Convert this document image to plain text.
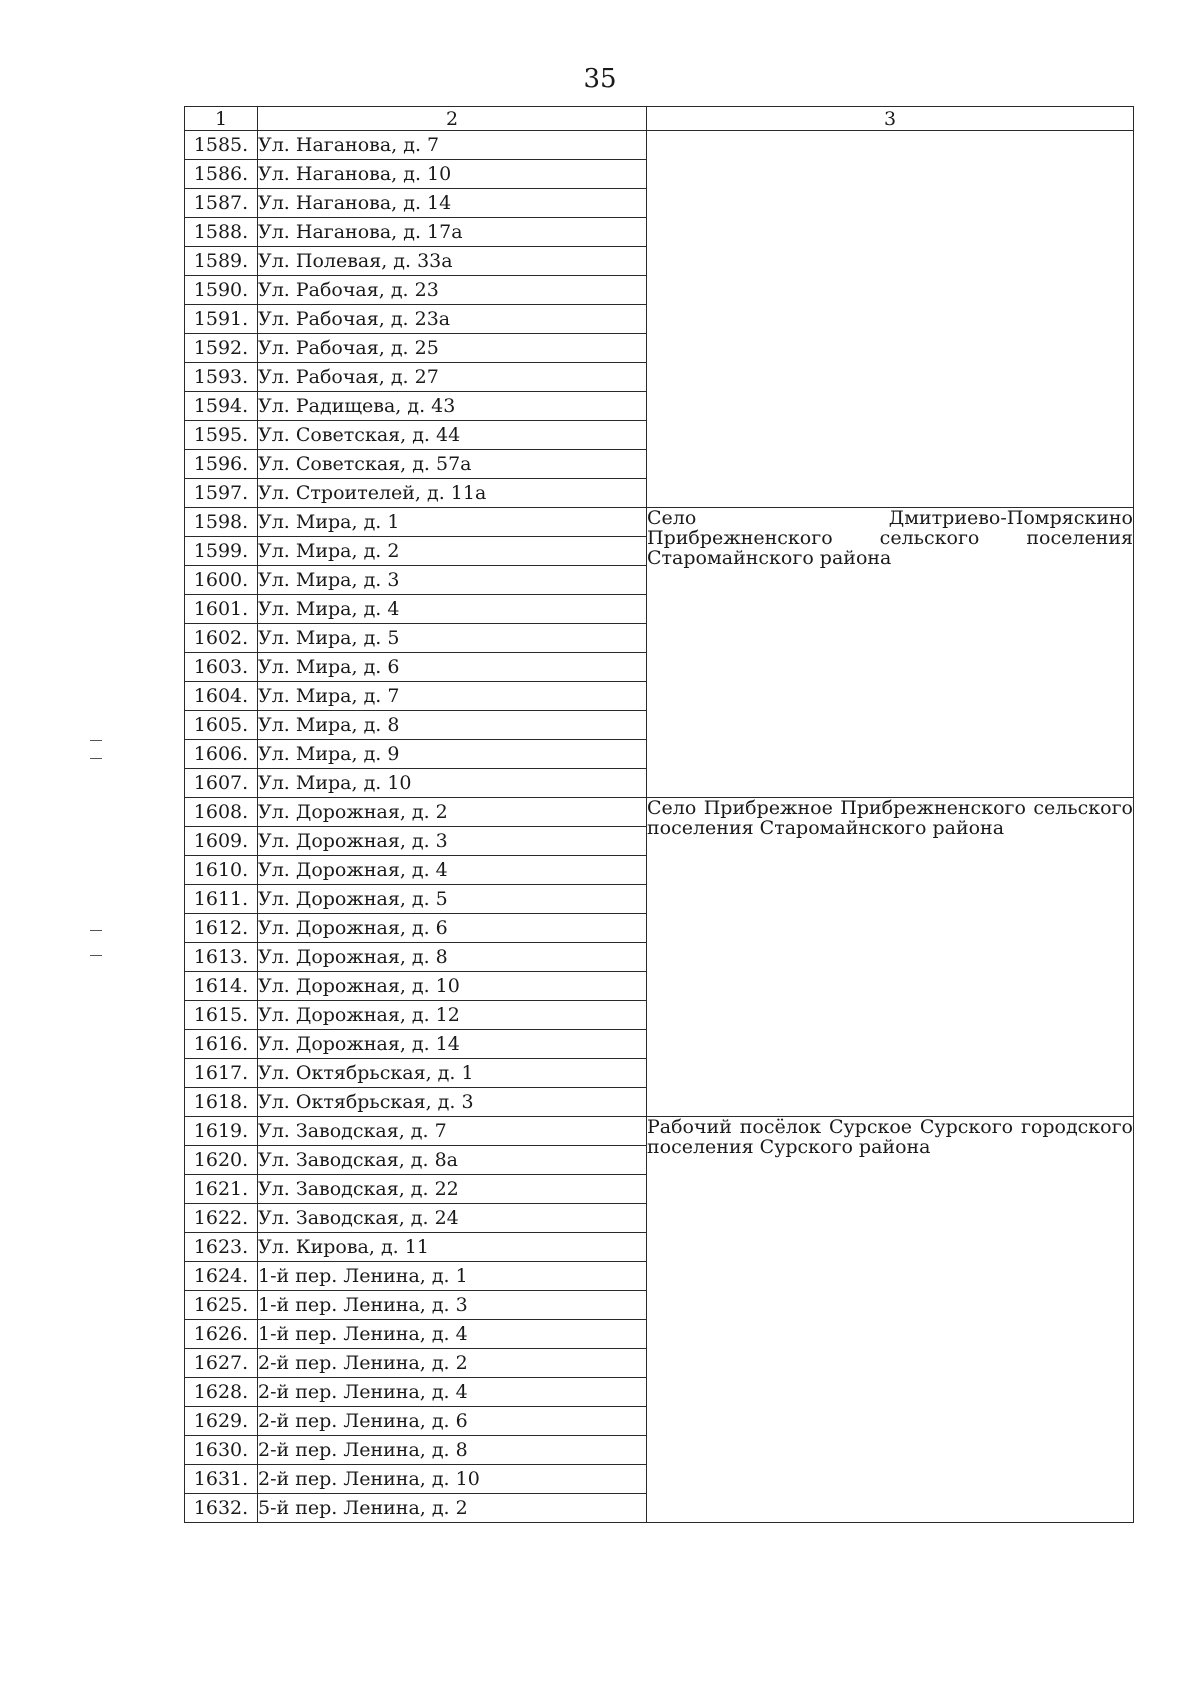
35
1	2	3
1585.	Ул. Наганова, д. 7	
1586.	Ул. Наганова, д. 10	
1587.	Ул. Наганова, д. 14	
1588.	Ул. Наганова, д. 17а	
1589.	Ул. Полевая, д. 33а	
1590.	Ул. Рабочая, д. 23	
1591.	Ул. Рабочая, д. 23а	
1592.	Ул. Рабочая, д. 25	
1593.	Ул. Рабочая, д. 27	
1594.	Ул. Радищева, д. 43	
1595.	Ул. Советская, д. 44	
1596.	Ул. Советская, д. 57а	
1597.	Ул. Строителей, д. 11а	
1598.	Ул. Мира, д. 1	Село Дмитриево-Помряскино Прибрежненского сельского поселения Старомайнского района
1599.	Ул. Мира, д. 2	
1600.	Ул. Мира, д. 3	
1601.	Ул. Мира, д. 4	
1602.	Ул. Мира, д. 5	
1603.	Ул. Мира, д. 6	
1604.	Ул. Мира, д. 7	
1605.	Ул. Мира, д. 8	
1606.	Ул. Мира, д. 9	
1607.	Ул. Мира, д. 10	
1608.	Ул. Дорожная, д. 2	Село Прибрежное Прибрежненского сельского поселения Старомайнского района
1609.	Ул. Дорожная, д. 3	
1610.	Ул. Дорожная, д. 4	
1611.	Ул. Дорожная, д. 5	
1612.	Ул. Дорожная, д. 6	
1613.	Ул. Дорожная, д. 8	
1614.	Ул. Дорожная, д. 10	
1615.	Ул. Дорожная, д. 12	
1616.	Ул. Дорожная, д. 14	
1617.	Ул. Октябрьская, д. 1	
1618.	Ул. Октябрьская, д. 3	
1619.	Ул. Заводская, д. 7	Рабочий посёлок Сурское Сурского городского поселения Сурского района
1620.	Ул. Заводская, д. 8а	
1621.	Ул. Заводская, д. 22	
1622.	Ул. Заводская, д. 24	
1623.	Ул. Кирова, д. 11	
1624.	1-й пер. Ленина, д. 1	
1625.	1-й пер. Ленина, д. 3	
1626.	1-й пер. Ленина, д. 4	
1627.	2-й пер. Ленина, д. 2	
1628.	2-й пер. Ленина, д. 4	
1629.	2-й пер. Ленина, д. 6	
1630.	2-й пер. Ленина, д. 8	
1631.	2-й пер. Ленина, д. 10	
1632.	5-й пер. Ленина, д. 2	
